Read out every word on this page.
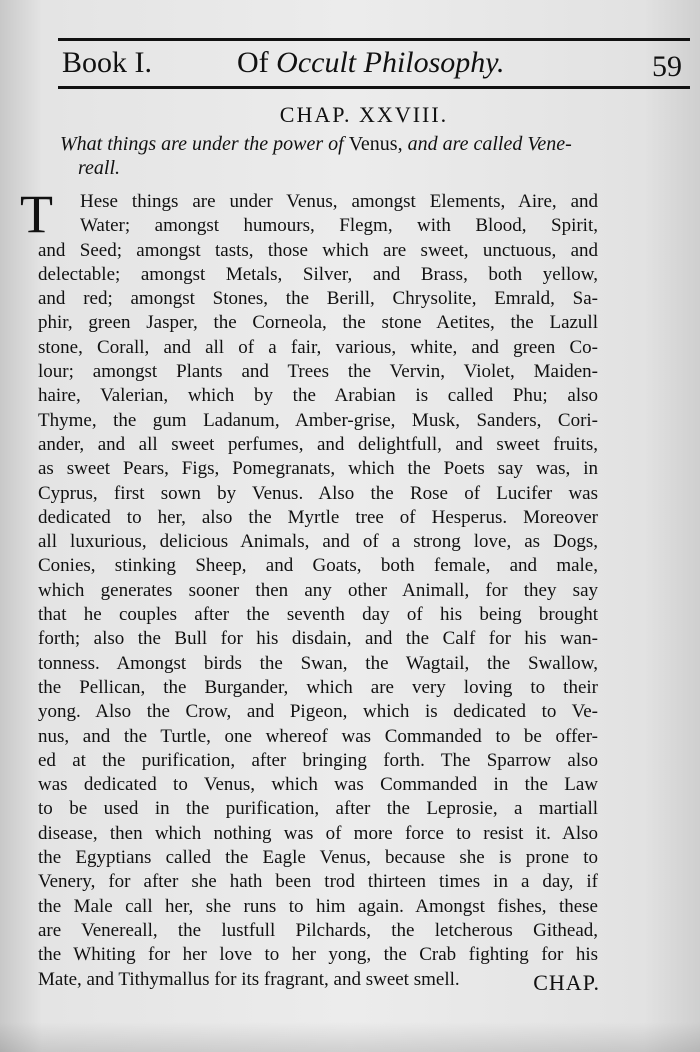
Book I.	Of Occult Philosophy.	59
CHAP. XXVIII.
What things are under the power of Venus, and are called Vene-
reall.
T	Hese things are under Venus, amongst Elements, Aire, and
Water; amongst humours, Flegm, with Blood, Spirit,
and Seed; amongst tasts, those which are sweet, unctuous, and
delectable; amongst Metals, Silver, and Brass, both yellow,
and red; amongst Stones, the Berill, Chrysolite, Emrald, Sa-
phir, green Jasper, the Corneola, the stone Aetites, the Lazull
stone, Corall, and all of a fair, various, white, and green Co-
lour; amongst Plants and Trees the Vervin, Violet, Maiden-
haire, Valerian, which by the Arabian is called Phu; also
Thyme, the gum Ladanum, Amber-grise, Musk, Sanders, Cori-
ander, and all sweet perfumes, and delightfull, and sweet fruits,
as sweet Pears, Figs, Pomegranats, which the Poets say was, in
Cyprus, first sown by Venus. Also the Rose of Lucifer was
dedicated to her, also the Myrtle tree of Hesperus. Moreover
all luxurious, delicious Animals, and of a strong love, as Dogs,
Conies, stinking Sheep, and Goats, both female, and male,
which generates sooner then any other Animall, for they say
that he couples after the seventh day of his being brought
forth; also the Bull for his disdain, and the Calf for his wan-
tonness. Amongst birds the Swan, the Wagtail, the Swallow,
the Pellican, the Burgander, which are very loving to their
yong. Also the Crow, and Pigeon, which is dedicated to Ve-
nus, and the Turtle, one whereof was Commanded to be offer-
ed at the purification, after bringing forth. The Sparrow also
was dedicated to Venus, which was Commanded in the Law
to be used in the purification, after the Leprosie, a martiall
disease, then which nothing was of more force to resist it. Also
the Egyptians called the Eagle Venus, because she is prone to
Venery, for after she hath been trod thirteen times in a day, if
the Male call her, she runs to him again. Amongst fishes, these
are Venereall, the lustfull Pilchards, the letcherous Githead,
the Whiting for her love to her yong, the Crab fighting for his
Mate, and Tithymallus for its fragrant, and sweet smell.	CHAP.
